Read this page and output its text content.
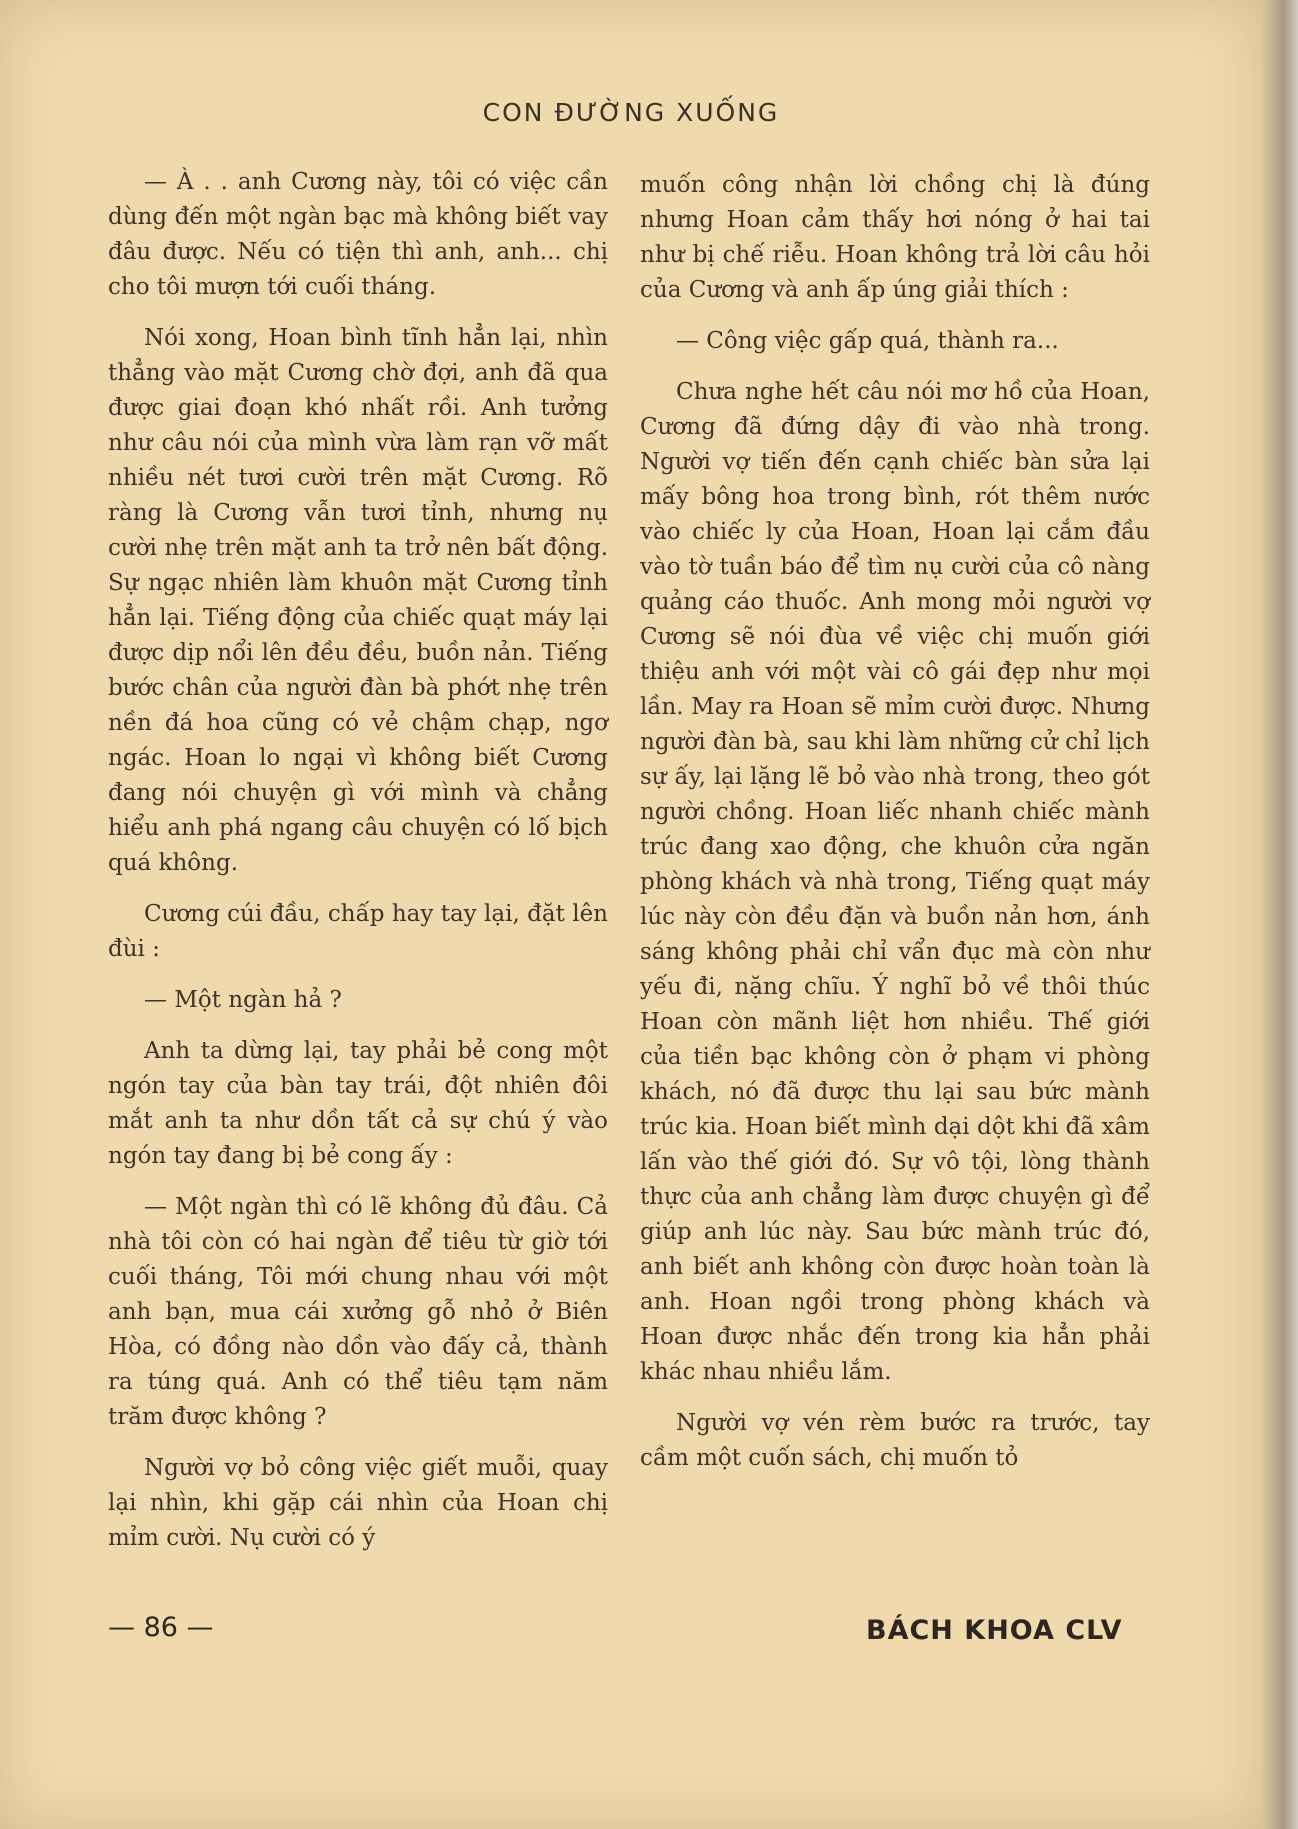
CON ĐƯỜNG XUỐNG

— À . . anh Cương này, tôi có việc cần dùng đến một ngàn bạc mà không biết vay đâu được. Nếu có tiện thì anh, anh... chị cho tôi mượn tới cuối tháng.

Nói xong, Hoan bình tĩnh hẳn lại, nhìn thẳng vào mặt Cương chờ đợi, anh đã qua được giai đoạn khó nhất rồi. Anh tưởng như câu nói của mình vừa làm rạn vỡ mất nhiều nét tươi cười trên mặt Cương. Rõ ràng là Cương vẫn tươi tỉnh, nhưng nụ cười nhẹ trên mặt anh ta trở nên bất động. Sự ngạc nhiên làm khuôn mặt Cương tỉnh hẳn lại. Tiếng động của chiếc quạt máy lại được dịp nổi lên đều đều, buồn nản. Tiếng bước chân của người đàn bà phớt nhẹ trên nền đá hoa cũng có vẻ chậm chạp, ngơ ngác. Hoan lo ngại vì không biết Cương đang nói chuyện gì với mình và chẳng hiểu anh phá ngang câu chuyện có lố bịch quá không.

Cương cúi đầu, chấp hay tay lại, đặt lên đùi :

— Một ngàn hả ?

Anh ta dừng lại, tay phải bẻ cong một ngón tay của bàn tay trái, đột nhiên đôi mắt anh ta như dồn tất cả sự chú ý vào ngón tay đang bị bẻ cong ấy :

— Một ngàn thì có lẽ không đủ đâu. Cả nhà tôi còn có hai ngàn để tiêu từ giờ tới cuối tháng, Tôi mới chung nhau với một anh bạn, mua cái xưởng gỗ nhỏ ở Biên Hòa, có đồng nào dồn vào đấy cả, thành ra túng quá. Anh có thể tiêu tạm năm trăm được không ?

Người vợ bỏ công việc giết muỗi, quay lại nhìn, khi gặp cái nhìn của Hoan chị mỉm cười. Nụ cười có ý

muốn công nhận lời chồng chị là đúng nhưng Hoan cảm thấy hơi nóng ở hai tai như bị chế riễu. Hoan không trả lời câu hỏi của Cương và anh ấp úng giải thích :

— Công việc gấp quá, thành ra...

Chưa nghe hết câu nói mơ hồ của Hoan, Cương đã đứng dậy đi vào nhà trong. Người vợ tiến đến cạnh chiếc bàn sửa lại mấy bông hoa trong bình, rót thêm nước vào chiếc ly của Hoan, Hoan lại cắm đầu vào tờ tuần báo để tìm nụ cười của cô nàng quảng cáo thuốc. Anh mong mỏi người vợ Cương sẽ nói đùa về việc chị muốn giới thiệu anh với một vài cô gái đẹp như mọi lần. May ra Hoan sẽ mỉm cười được. Nhưng người đàn bà, sau khi làm những cử chỉ lịch sự ấy, lại lặng lẽ bỏ vào nhà trong, theo gót người chồng. Hoan liếc nhanh chiếc mành trúc đang xao động, che khuôn cửa ngăn phòng khách và nhà trong, Tiếng quạt máy lúc này còn đều đặn và buồn nản hơn, ánh sáng không phải chỉ vẩn đục mà còn như yếu đi, nặng chĩu. Ý nghĩ bỏ về thôi thúc Hoan còn mãnh liệt hơn nhiều. Thế giới của tiền bạc không còn ở phạm vi phòng khách, nó đã được thu lại sau bức mành trúc kia. Hoan biết mình dại dột khi đã xâm lấn vào thế giới đó. Sự vô tội, lòng thành thực của anh chẳng làm được chuyện gì để giúp anh lúc này. Sau bức mành trúc đó, anh biết anh không còn được hoàn toàn là anh. Hoan ngồi trong phòng khách và Hoan được nhắc đến trong kia hẳn phải khác nhau nhiều lắm.

Người vợ vén rèm bước ra trước, tay cầm một cuốn sách, chị muốn tỏ

— 86 —	BÁCH KHOA CLV
